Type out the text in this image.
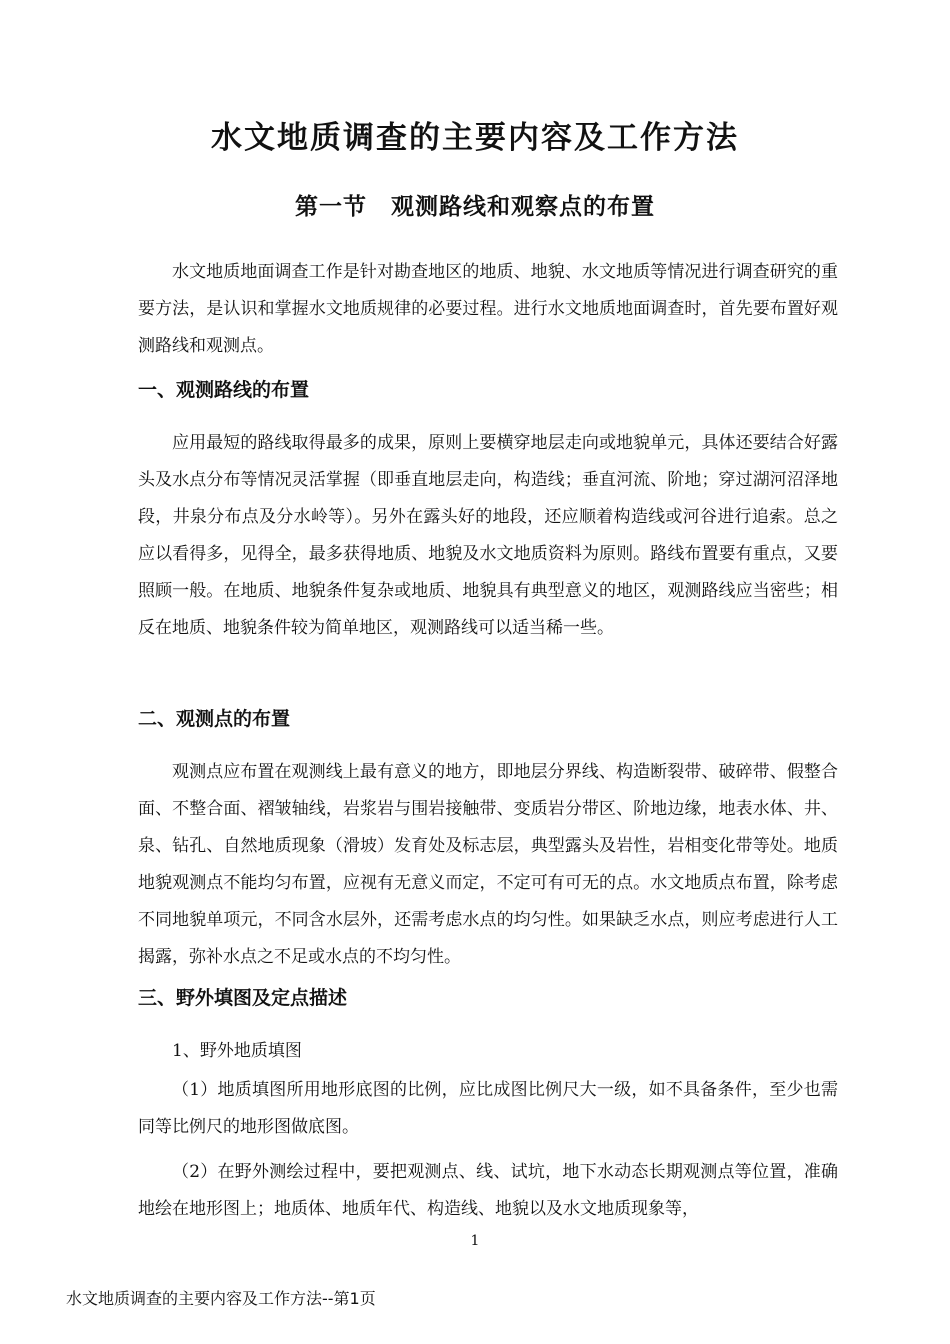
水文地质调查的主要内容及工作方法
第一节　观测路线和观察点的布置

水文地质地面调查工作是针对勘查地区的地质、地貌、水文地质等情况进行调查研究的重要方法，是认识和掌握水文地质规律的必要过程。进行水文地质地面调查时，首先要布置好观测路线和观测点。

一、观测路线的布置

应用最短的路线取得最多的成果，原则上要横穿地层走向或地貌单元，具体还要结合好露头及水点分布等情况灵活掌握（即垂直地层走向，构造线；垂直河流、阶地；穿过湖河沼泽地段，井泉分布点及分水岭等）。另外在露头好的地段，还应顺着构造线或河谷进行追索。总之应以看得多，见得全，最多获得地质、地貌及水文地质资料为原则。路线布置要有重点，又要照顾一般。在地质、地貌条件复杂或地质、地貌具有典型意义的地区，观测路线应当密些；相反在地质、地貌条件较为简单地区，观测路线可以适当稀一些。

二、观测点的布置

观测点应布置在观测线上最有意义的地方，即地层分界线、构造断裂带、破碎带、假整合面、不整合面、褶皱轴线，岩浆岩与围岩接触带、变质岩分带区、阶地边缘，地表水体、井、泉、钻孔、自然地质现象（滑坡）发育处及标志层，典型露头及岩性，岩相变化带等处。地质地貌观测点不能均匀布置，应视有无意义而定，不定可有可无的点。水文地质点布置，除考虑不同地貌单项元，不同含水层外，还需考虑水点的均匀性。如果缺乏水点，则应考虑进行人工揭露，弥补水点之不足或水点的不均匀性。

三、野外填图及定点描述

1、野外地质填图

（1）地质填图所用地形底图的比例，应比成图比例尺大一级，如不具备条件，至少也需同等比例尺的地形图做底图。

（2）在野外测绘过程中，要把观测点、线、试坑，地下水动态长期观测点等位置，准确地绘在地形图上；地质体、地质年代、构造线、地貌以及水文地质现象等，

1
水文地质调查的主要内容及工作方法--第1页
